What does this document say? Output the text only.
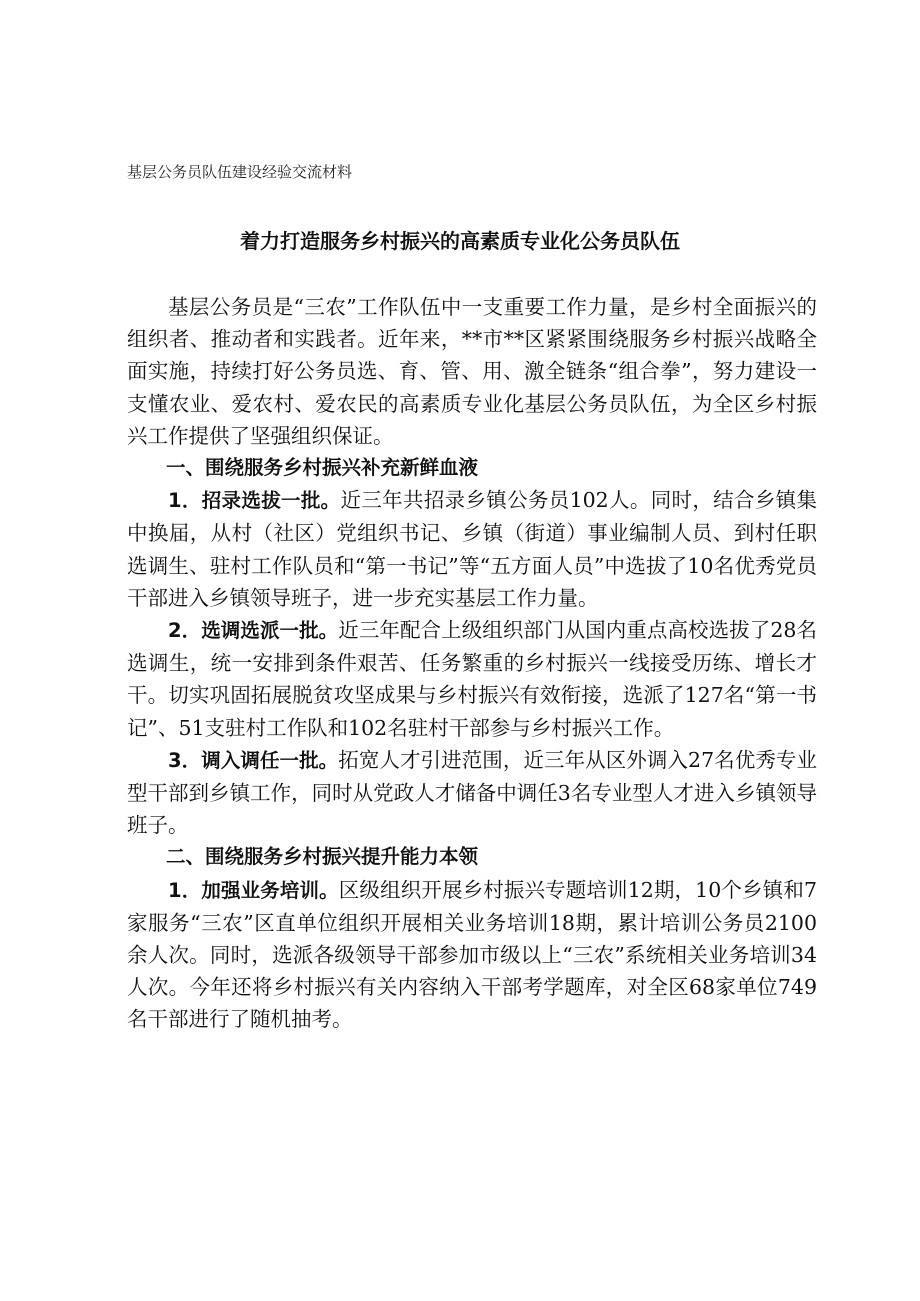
基层公务员队伍建设经验交流材料
着力打造服务乡村振兴的高素质专业化公务员队伍

基层公务员是“三农”工作队伍中一支重要工作力量，是乡村全面振兴的组织者、推动者和实践者。近年来，**市**区紧紧围绕服务乡村振兴战略全面实施，持续打好公务员选、育、管、用、激全链条“组合拳”，努力建设一支懂农业、爱农村、爱农民的高素质专业化基层公务员队伍，为全区乡村振兴工作提供了坚强组织保证。

一、围绕服务乡村振兴补充新鲜血液

1．招录选拔一批。近三年共招录乡镇公务员102人。同时，结合乡镇集中换届，从村（社区）党组织书记、乡镇（街道）事业编制人员、到村任职选调生、驻村工作队员和“第一书记”等“五方面人员”中选拔了10名优秀党员干部进入乡镇领导班子，进一步充实基层工作力量。

2．选调选派一批。近三年配合上级组织部门从国内重点高校选拔了28名选调生，统一安排到条件艰苦、任务繁重的乡村振兴一线接受历练、增长才干。切实巩固拓展脱贫攻坚成果与乡村振兴有效衔接，选派了127名“第一书记”、51支驻村工作队和102名驻村干部参与乡村振兴工作。

3．调入调任一批。拓宽人才引进范围，近三年从区外调入27名优秀专业型干部到乡镇工作，同时从党政人才储备中调任3名专业型人才进入乡镇领导班子。

二、围绕服务乡村振兴提升能力本领

1．加强业务培训。区级组织开展乡村振兴专题培训12期，10个乡镇和7家服务“三农”区直单位组织开展相关业务培训18期，累计培训公务员2100余人次。同时，选派各级领导干部参加市级以上“三农”系统相关业务培训34人次。今年还将乡村振兴有关内容纳入干部考学题库，对全区68家单位749名干部进行了随机抽考。
